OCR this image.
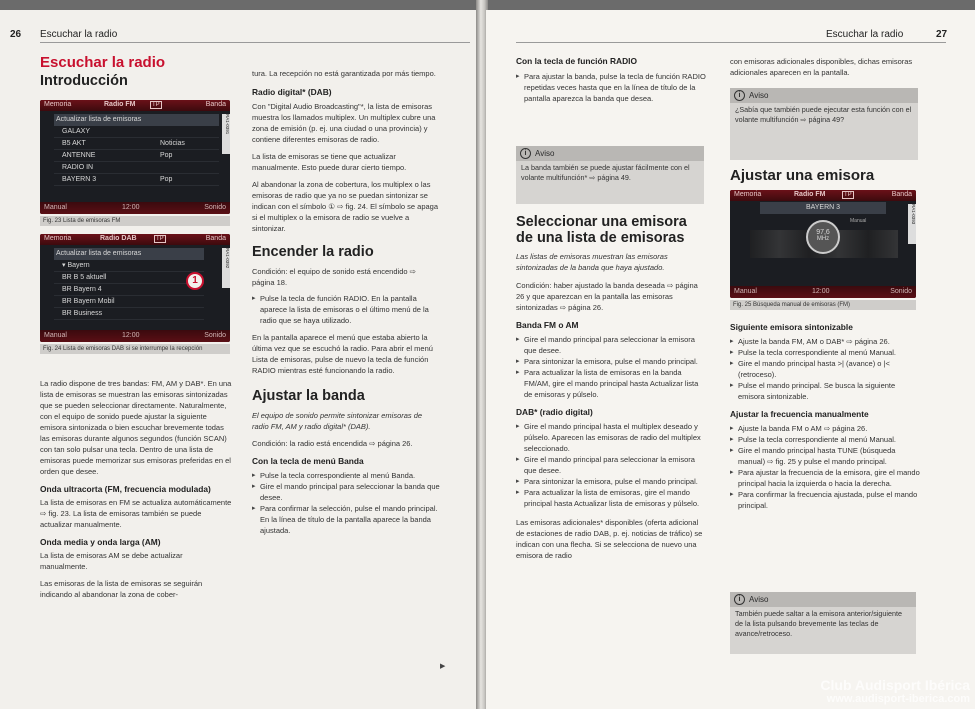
26 Escuchar la radio
Escuchar la radio
Introducción
Memoria	Radio FM	TP	Banda
Actualizar lista de emisoras
GALAXY
B5 AKT	Noticias
ANTENNE	Pop
RADIO IN
BAYERN 3	Pop
Manual	12:00	Sonido
RA1-0391
Fig. 23 Lista de emisoras FM
Memoria	Radio DAB	TP	Banda
Actualizar lista de emisoras
▾ Bayern
BR B 5 aktuell
BR Bayern 4
BR Bayern Mobil
BR Business
1
Manual	12:00	Sonido
RA1-0392
Fig. 24 Lista de emisoras DAB si se interrumpe la recepción

La radio dispone de tres bandas: FM, AM y DAB*. En una lista de emisoras se muestran las emisoras sintonizadas que se pueden seleccionar directamente. Naturalmente, con el equipo de sonido puede ajustar la siguiente emisora sintonizada o bien escuchar brevemente todas las emisoras durante algunos segundos (función SCAN) con tan solo pulsar una tecla. Dentro de una lista de emisoras puede memorizar sus emisoras preferidas en el orden que desee.

Onda ultracorta (FM, frecuencia modulada)

La lista de emisoras en FM se actualiza automáticamente ⇨ fig. 23. La lista de emisoras también se puede actualizar manualmente.

Onda media y onda larga (AM)

La lista de emisoras AM se debe actualizar manualmente.

Las emisoras de la lista de emisoras se seguirán indicando al abandonar la zona de cober-

tura. La recepción no está garantizada por más tiempo.

Radio digital* (DAB)

Con "Digital Audio Broadcasting"*, la lista de emisoras muestra los llamados multiplex. Un multiplex cubre una zona de emisión (p. ej. una ciudad o una provincia) y contiene diferentes emisoras de radio.

La lista de emisoras se tiene que actualizar manualmente. Esto puede durar cierto tiempo.

Al abandonar la zona de cobertura, los multiplex o las emisoras de radio que ya no se puedan sintonizar se indican con el símbolo ① ⇨ fig. 24. El símbolo se apaga si el multiplex o la emisora de radio se vuelve a sintonizar.

Encender la radio

Condición: el equipo de sonido está encendido ⇨ página 18.

▸ Pulse la tecla de función RADIO. En la pantalla aparece la lista de emisoras o el último menú de la radio que se haya utilizado.

En la pantalla aparece el menú que estaba abierto la última vez que se escuchó la radio. Para abrir el menú Lista de emisoras, pulse de nuevo la tecla de función RADIO mientras esté funcionando la radio.

Ajustar la banda

El equipo de sonido permite sintonizar emisoras de radio FM, AM y radio digital* (DAB).

Condición: la radio está encendida ⇨ página 26.

Con la tecla de menú Banda
▸ Pulse la tecla correspondiente al menú Banda.
▸ Gire el mando principal para seleccionar la banda que desee.
▸ Para confirmar la selección, pulse el mando principal. En la línea de título de la pantalla aparece la banda ajustada.
▶
Escuchar la radio	27
Con la tecla de función RADIO
▸ Para ajustar la banda, pulse la tecla de función RADIO repetidas veces hasta que en la línea de título de la pantalla aparezca la banda que desea.
i	Aviso
La banda también se puede ajustar fácilmente con el volante multifunción* ⇨ página 49.
Seleccionar una emisora de una lista de emisoras

Las listas de emisoras muestran las emisoras sintonizadas de la banda que haya ajustado.

Condición: haber ajustado la banda deseada ⇨ página 26 y que aparezcan en la pantalla las emisoras sintonizadas ⇨ página 26.

Banda FM o AM
▸ Gire el mando principal para seleccionar la emisora que desee.
▸ Para sintonizar la emisora, pulse el mando principal.
▸ Para actualizar la lista de emisoras en la banda FM/AM, gire el mando principal hasta Actualizar lista de emisoras y púlselo.
DAB* (radio digital)
▸ Gire el mando principal hasta el multiplex deseado y púlselo. Aparecen las emisoras de radio del multiplex seleccionado.
▸ Gire el mando principal para seleccionar la emisora que desee.
▸ Para sintonizar la emisora, pulse el mando principal.
▸ Para actualizar la lista de emisoras, gire el mando principal hasta Actualizar lista de emisoras y púlselo.

Las emisoras adicionales* disponibles (oferta adicional de estaciones de radio DAB, p. ej. noticias de tráfico) se indican con una flecha. Si se selecciona de nuevo una emisora de radio

con emisoras adicionales disponibles, dichas emisoras adicionales aparecen en la pantalla.

i	Aviso
¿Sabía que también puede ejecutar esta función con el volante multifunción ⇨ página 49?
Ajustar una emisora
Memoria	Radio FM	TP	Banda
BAYERN 3
Manual
97,6
MHz
Manual	12:00	Sonido
RA1-0393
Fig. 25 Búsqueda manual de emisoras (FM)
Siguiente emisora sintonizable
▸ Ajuste la banda FM, AM o DAB* ⇨ página 26.
▸ Pulse la tecla correspondiente al menú Manual.
▸ Gire el mando principal hasta >| (avance) o |< (retroceso).
▸ Pulse el mando principal. Se busca la siguiente emisora sintonizable.
Ajustar la frecuencia manualmente
▸ Ajuste la banda FM o AM ⇨ página 26.
▸ Pulse la tecla correspondiente al menú Manual.
▸ Gire el mando principal hasta TUNE (búsqueda manual) ⇨ fig. 25 y pulse el mando principal.
▸ Para ajustar la frecuencia de la emisora, gire el mando principal hacia la izquierda o hacia la derecha.
▸ Para confirmar la frecuencia ajustada, pulse el mando principal.
i	Aviso
También puede saltar a la emisora anterior/siguiente de la lista pulsando brevemente las teclas de avance/retroceso.
Club Audisport Ibérica
www.audisport-iberica.com
